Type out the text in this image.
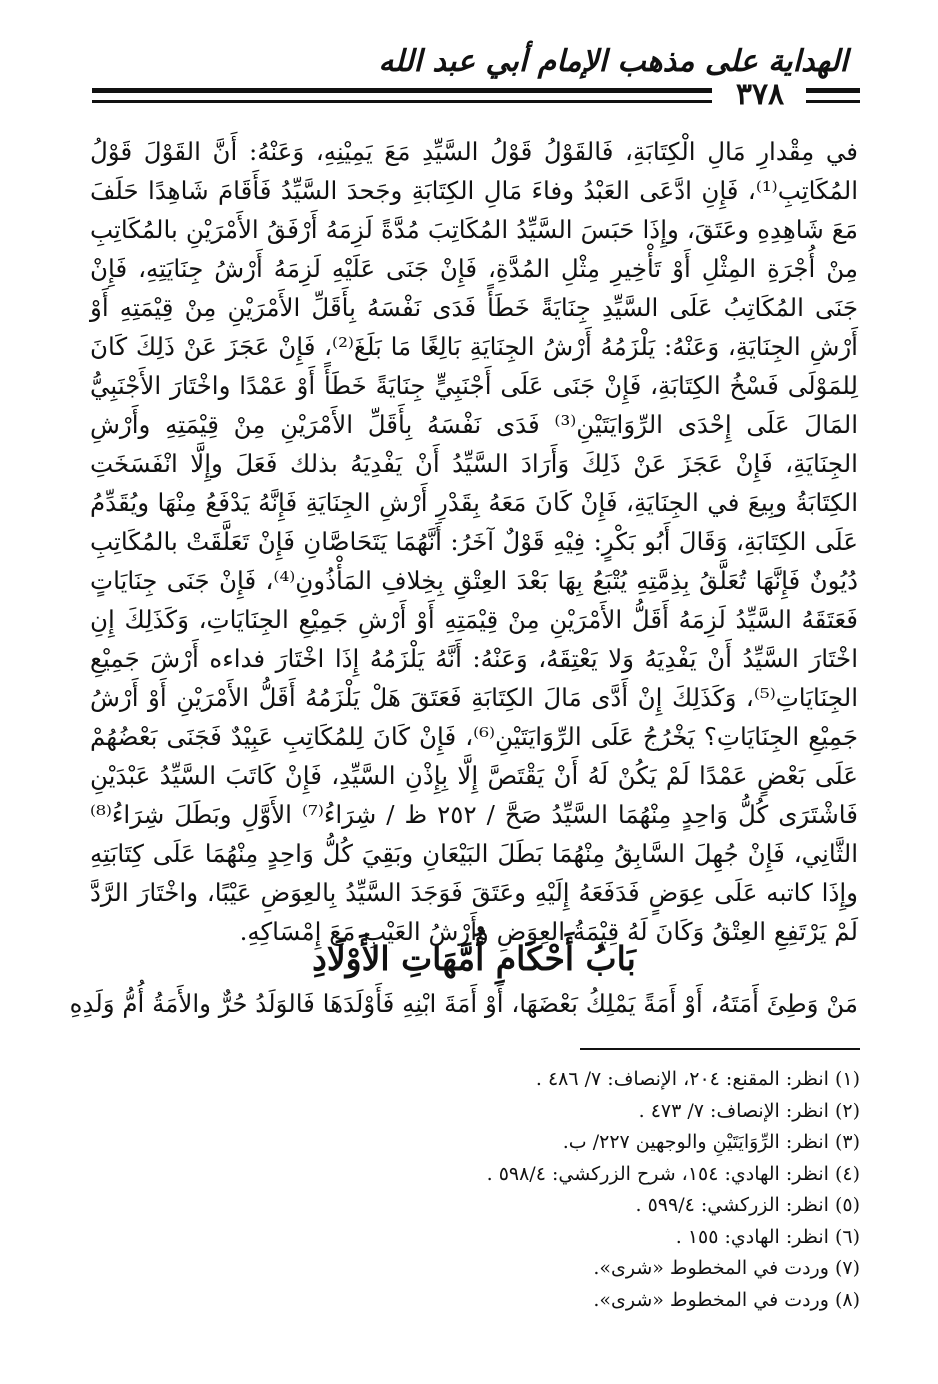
الهداية على مذهب الإمام أبي عبد الله
٣٧٨

في مِقْدارِ مَالِ الْكِتَابَةِ، فَالقَوْلُ قَوْلُ السَّيِّدِ مَعَ يَمِيْنِهِ، وَعَنْهُ: أَنَّ القَوْلَ قَوْلُ المُكَاتِبِ⁽¹⁾، فَإِنِ ادَّعَى العَبْدُ وفاءَ مَالِ الكِتَابَةِ وجَحدَ السَّيِّدُ فَأَقَامَ شَاهِدًا حَلَفَ مَعَ شَاهِدِهِ وعَتَقَ، وإِذَا حَبَسَ السَّيِّدُ المُكَاتِبَ مُدَّةً لَزِمَهُ أَرْفَقُ الأَمْرَيْنِ بالمُكَاتِبِ مِنْ أُجْرَةِ المِثْلِ أَوْ تَأْخِيرِ مِثْلِ المُدَّةِ، فَإِنْ جَنَى عَلَيْهِ لَزِمَهُ أَرْشُ جِنَايَتِهِ، فَإِنْ جَنَى المُكَاتِبُ عَلَى السَّيِّدِ جِنَايَةً خَطَأً فَدَى نَفْسَهُ بِأَقَلِّ الأَمْرَيْنِ مِنْ قِيْمَتِهِ أَوْ أَرْشِ الجِنَايَةِ، وَعَنْهُ: يَلْزَمُهُ أَرْشُ الجِنَايَةِ بَالِغًا مَا بَلَغَ⁽²⁾، فَإِنْ عَجَزَ عَنْ ذَلِكَ كَانَ لِلمَوْلَى فَسْخُ الكِتَابَةِ، فَإِنْ جَنَى عَلَى أَجْنَبِيٍّ جِنَايَةً خَطَأً أَوْ عَمْدًا واخْتَارَ الأَجْنَبِيُّ المَالَ عَلَى إِحْدَى الرِّوَايَتَيْنِ⁽³⁾ فَدَى نَفْسَهُ بِأَقَلِّ الأَمْرَيْنِ مِنْ قِيْمَتِهِ وأَرْشِ الجِنَايَةِ، فَإِنْ عَجَزَ عَنْ ذَلِكَ وَأَرَادَ السَّيِّدُ أَنْ يَفْدِيَهُ بذلك فَعَلَ وإِلَّا انْفَسَخَتِ الكِتَابَةُ وبِيعَ في الجِنَايَةِ، فَإِنْ كَانَ مَعَهُ بِقَدْرِ أَرْشِ الجِنَايَةِ فَإِنَّهُ يَدْفَعُ مِنْهَا ويُقَدِّمُ عَلَى الكِتَابَةِ، وَقَالَ أَبُو بَكْرٍ: فِيْهِ قَوْلٌ آخَرُ: أَنَّهُمَا يَتَحَاصَّانِ فَإِنْ تَعَلَّقَتْ بالمُكَاتِبِ دُيُونٌ فَإِنَّهَا تُعَلَّقُ بِذِمَّتِهِ يُتْبَعُ بِهَا بَعْدَ العِتْقِ بِخِلافِ المَأْذُونِ⁽⁴⁾، فَإِنْ جَنَى جِنَايَاتٍ فَعَتَقَهُ السَّيِّدُ لَزِمَهُ أَقَلُّ الأَمْرَيْنِ مِنْ قِيْمَتِهِ أَوْ أَرْشِ جَمِيْعِ الجِنَايَاتِ، وَكَذَلِكَ إِنِ اخْتَارَ السَّيِّدُ أَنْ يَفْدِيَهُ وَلا يَعْتِقَهُ، وَعَنْهُ: أَنَّهُ يَلْزَمُهُ إِذَا اخْتَارَ فداءه أَرْشَ جَمِيْعِ الجِنَايَاتِ⁽⁵⁾، وَكَذَلِكَ إِنْ أَدَّى مَالَ الكِتَابَةِ فَعَتَقَ هَلْ يَلْزَمُهُ أَقَلُّ الأَمْرَيْنِ أَوْ أَرْشُ جَمِيْعِ الجِنَايَاتِ؟ يَخْرُجُ عَلَى الرِّوَايَتَيْنِ⁽⁶⁾، فَإِنْ كَانَ لِلمُكَاتِبِ عَبِيْدٌ فَجَنَى بَعْضُهُمْ عَلَى بَعْضٍ عَمْدًا لَمْ يَكُنْ لَهُ أَنْ يَقْتَصَّ إِلَّا بِإِذْنِ السَّيِّدِ، فَإِنْ كَاتَبَ السَّيِّدُ عَبْدَيْنِ فَاشْتَرَى كُلُّ وَاحِدٍ مِنْهُمَا السَّيِّدُ صَحَّ / ٢٥٢ ظ / شِرَاءُ⁽⁷⁾ الأَوَّلِ وبَطَلَ شِرَاءُ⁽⁸⁾ الثَّانِي، فَإِنْ جُهِلَ السَّابِقُ مِنْهُمَا بَطَلَ البَيْعَانِ وبَقِيَ كُلُّ وَاحِدٍ مِنْهُمَا عَلَى كِتَابَتِهِ وإِذَا كاتبه عَلَى عِوَضٍ فَدَفَعَهُ إِلَيْهِ وعَتَقَ فَوَجَدَ السَّيِّدُ بِالعِوَضِ عَيْبًا، واخْتَارَ الرَّدَّ لَمْ يَرْتَفِعِ العِتْقُ وَكَانَ لَهُ قِيْمَةُ العِوَضِ وأَرْشُ العَيْبِ مَعَ إِمْسَاكِهِ.

بَابُ أَحْكَامِ أُمَّهَاتِ الأَوْلَادِ
مَنْ وَطِئَ أَمَتَهُ، أَوْ أَمَةً يَمْلِكُ بَعْضَهَا، أَوْ أَمَةَ ابْنِهِ فَأَوْلَدَهَا فَالوَلَدُ حُرٌّ والأَمَةُ أُمُّ وَلَدِهِ
(١) انظر: المقنع: ٢٠٤، الإنصاف: ٧/ ٤٨٦ .
(٢) انظر: الإنصاف: ٧/ ٤٧٣ .
(٣) انظر: الرِّوَايَتَيْنِ والوجهين ٢٢٧/ ب.
(٤) انظر: الهادي: ١٥٤، شرح الزركشي: ٥٩٨/٤ .
(٥) انظر: الزركشي: ٥٩٩/٤ .
(٦) انظر: الهادي: ١٥٥ .
(٧) وردت في المخطوط «شرى».
(٨) وردت في المخطوط «شرى».
